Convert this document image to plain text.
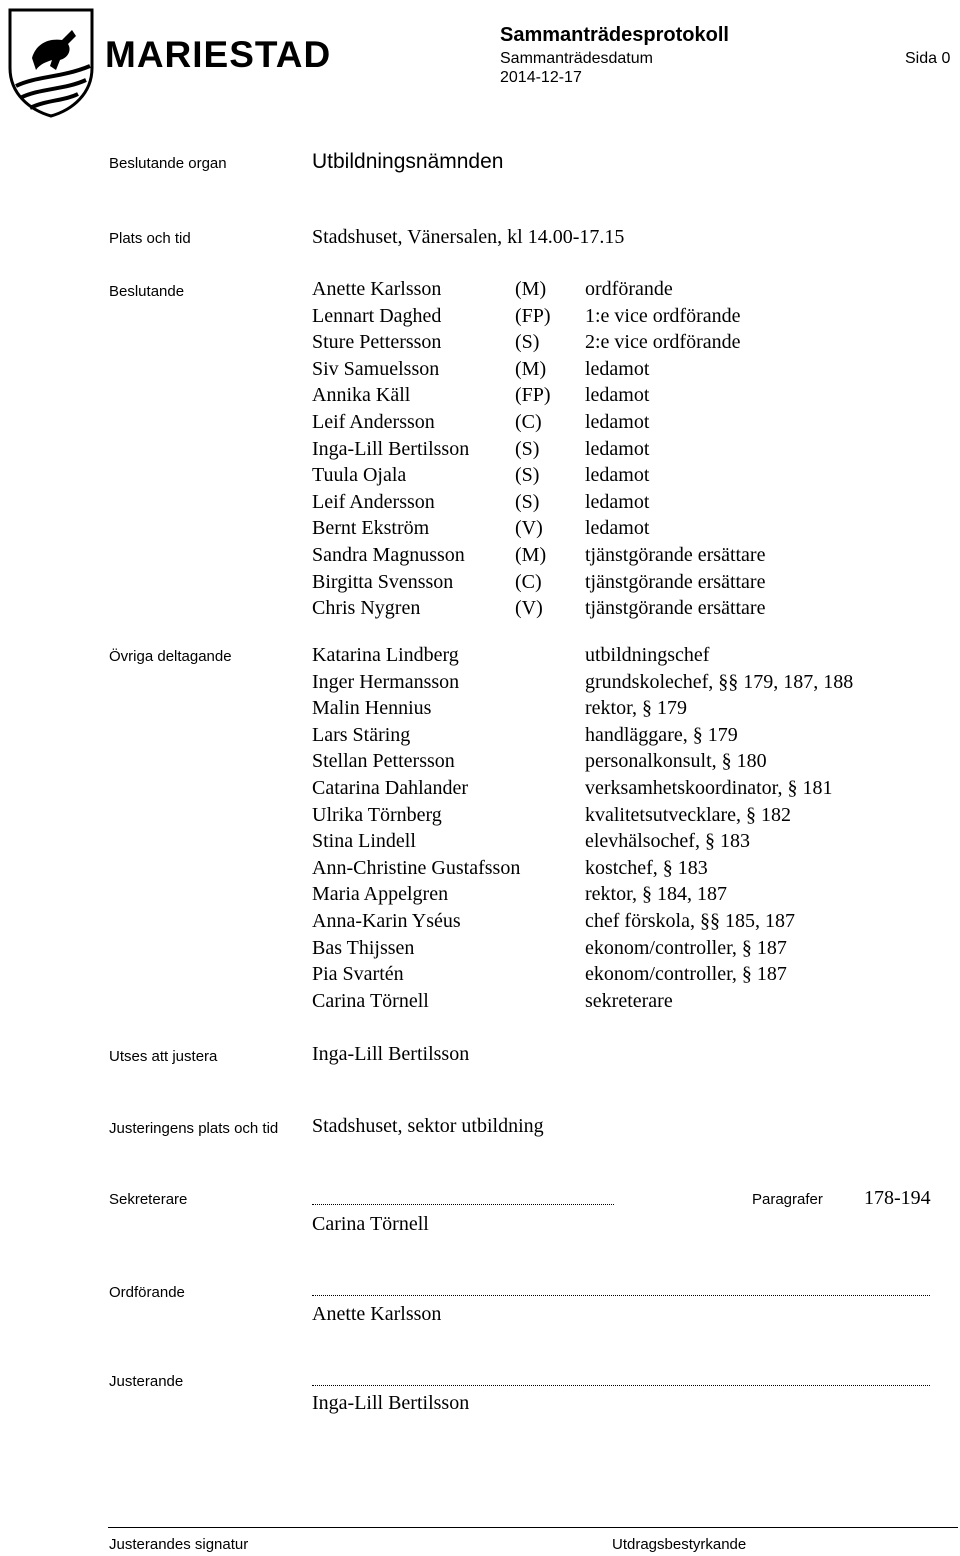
MARIESTAD	Sammanträdesprotokoll
Sammanträdesdatum
2014-12-17
Sida 0
Beslutande organ	Utbildningsnämnden
Plats och tid	Stadshuset, Vänersalen, kl 14.00-17.15
Beslutande	Anette Karlsson	(M) ordförande
Lennart Daghed	(FP) 1:e vice ordförande
Sture Pettersson	(S) 2:e vice ordförande
Siv Samuelsson	(M) ledamot
Annika Käll	(FP) ledamot
Leif Andersson	(C) ledamot
Inga-Lill Bertilsson (S) ledamot
Tuula Ojala	(S) ledamot
Leif Andersson	(S) ledamot
Bernt Ekström	(V) ledamot
Sandra Magnusson	(M) tjänstgörande ersättare
Birgitta Svensson	(C) tjänstgörande ersättare
Chris Nygren	(V) tjänstgörande ersättare
Övriga deltagande	Katarina Lindberg	utbildningschef
Inger Hermansson	grundskolechef, §§ 179, 187, 188
Malin Hennius	rektor, § 179
Lars Stäring	handläggare, § 179
Stellan Pettersson	personalkonsult, § 180
Catarina Dahlander	verksamhetskoordinator, § 181
Ulrika Törnberg	kvalitetsutvecklare, § 182
Stina Lindell	elevhälsochef, § 183
Ann-Christine Gustafsson	kostchef, § 183
Maria Appelgren	rektor, § 184, 187
Anna-Karin Yséus	chef förskola, §§ 185, 187
Bas Thijssen	ekonom/controller, § 187
Pia Svartén	ekonom/controller, § 187
Carina Törnell	sekreterare
Utses att justera	Inga-Lill Bertilsson
Justeringens plats och tid Stadshuset, sektor utbildning
Sekreterare	Paragrafer 178-194
Carina Törnell
Ordförande
Anette Karlsson
Justerande
Inga-Lill Bertilsson
Justerandes signatur	Utdragsbestyrkande
